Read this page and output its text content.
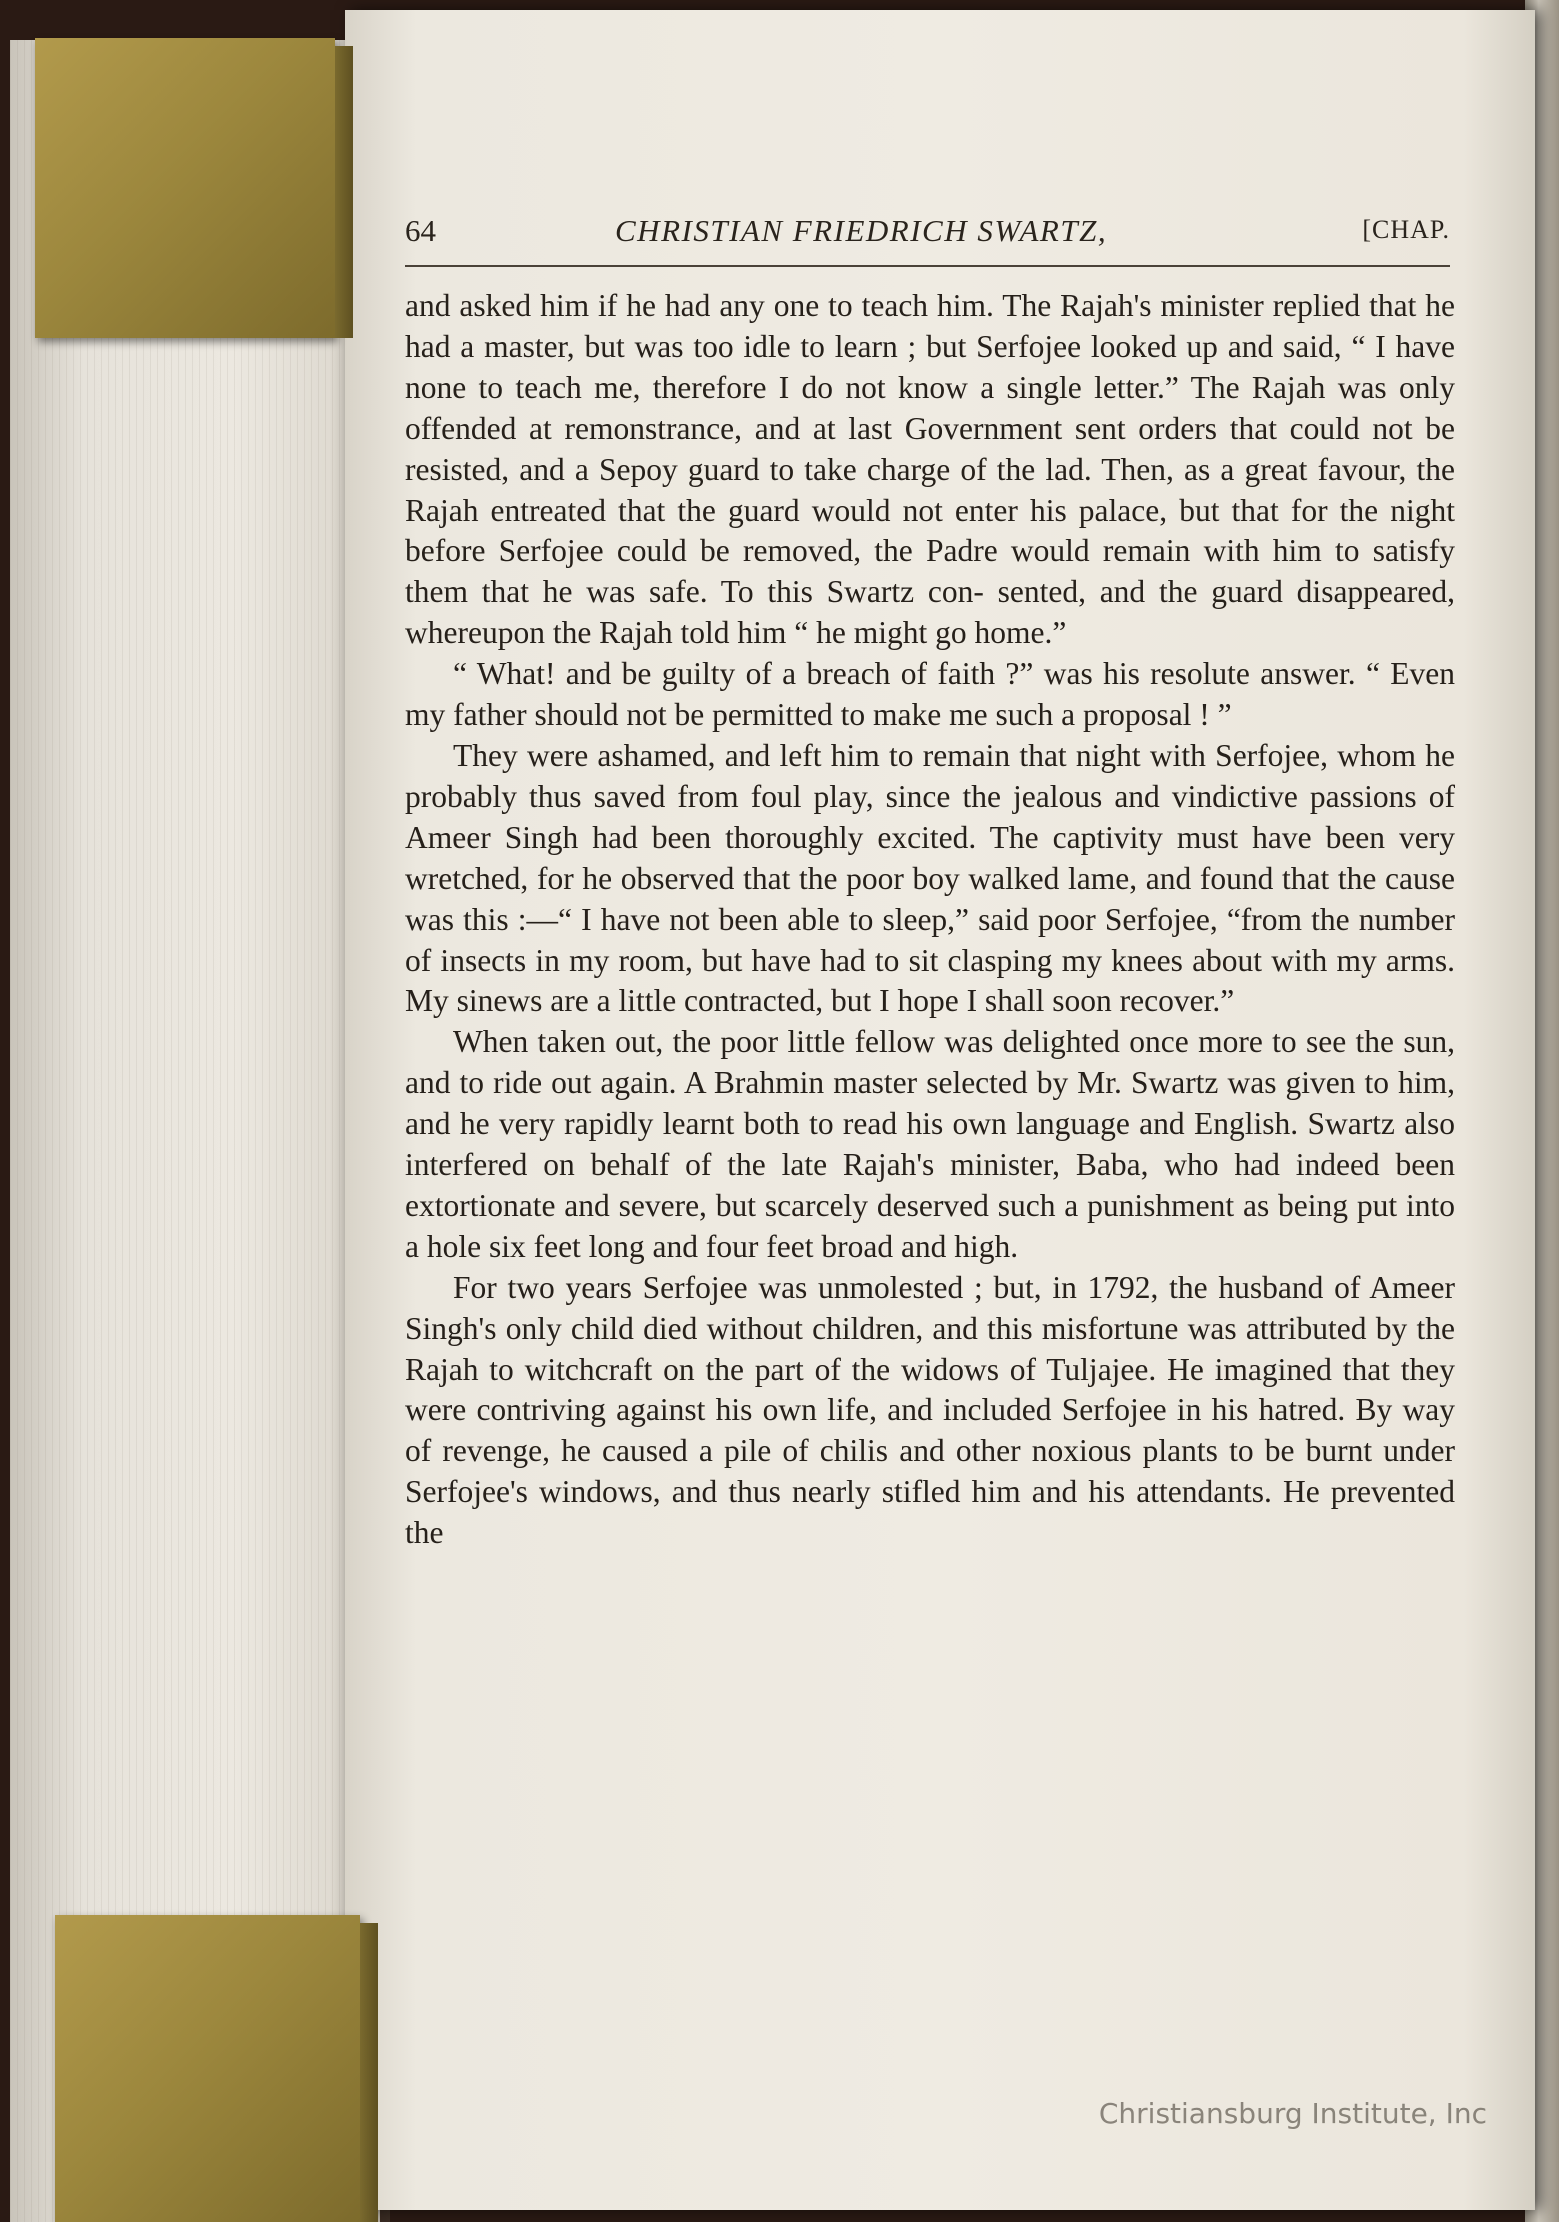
64	CHRISTIAN FRIEDRICH SWARTZ,	[CHAP.

and asked him if he had any one to teach him. The Rajah's minister replied that he had a master, but was too idle to learn ; but Serfojee looked up and said, “ I have none to teach me, therefore I do not know a single letter.” The Rajah was only offended at remonstrance, and at last Government sent orders that could not be resisted, and a Sepoy guard to take charge of the lad. Then, as a great favour, the Rajah entreated that the guard would not enter his palace, but that for the night before Serfojee could be removed, the Padre would remain with him to satisfy them that he was safe. To this Swartz con- sented, and the guard disappeared, whereupon the Rajah told him “ he might go home.”

“ What! and be guilty of a breach of faith ?” was his resolute answer. “ Even my father should not be permitted to make me such a proposal ! ”

They were ashamed, and left him to remain that night with Serfojee, whom he probably thus saved from foul play, since the jealous and vindictive passions of Ameer Singh had been thoroughly excited. The captivity must have been very wretched, for he observed that the poor boy walked lame, and found that the cause was this :—“ I have not been able to sleep,” said poor Serfojee, “from the number of insects in my room, but have had to sit clasping my knees about with my arms. My sinews are a little contracted, but I hope I shall soon recover.”

When taken out, the poor little fellow was delighted once more to see the sun, and to ride out again. A Brahmin master selected by Mr. Swartz was given to him, and he very rapidly learnt both to read his own language and English. Swartz also interfered on behalf of the late Rajah's minister, Baba, who had indeed been extortionate and severe, but scarcely deserved such a punishment as being put into a hole six feet long and four feet broad and high.

For two years Serfojee was unmolested ; but, in 1792, the husband of Ameer Singh's only child died without children, and this misfortune was attributed by the Rajah to witchcraft on the part of the widows of Tuljajee. He imagined that they were contriving against his own life, and included Serfojee in his hatred. By way of revenge, he caused a pile of chilis and other noxious plants to be burnt under Serfojee's windows, and thus nearly stifled him and his attendants. He prevented the

Christiansburg Institute, Inc
